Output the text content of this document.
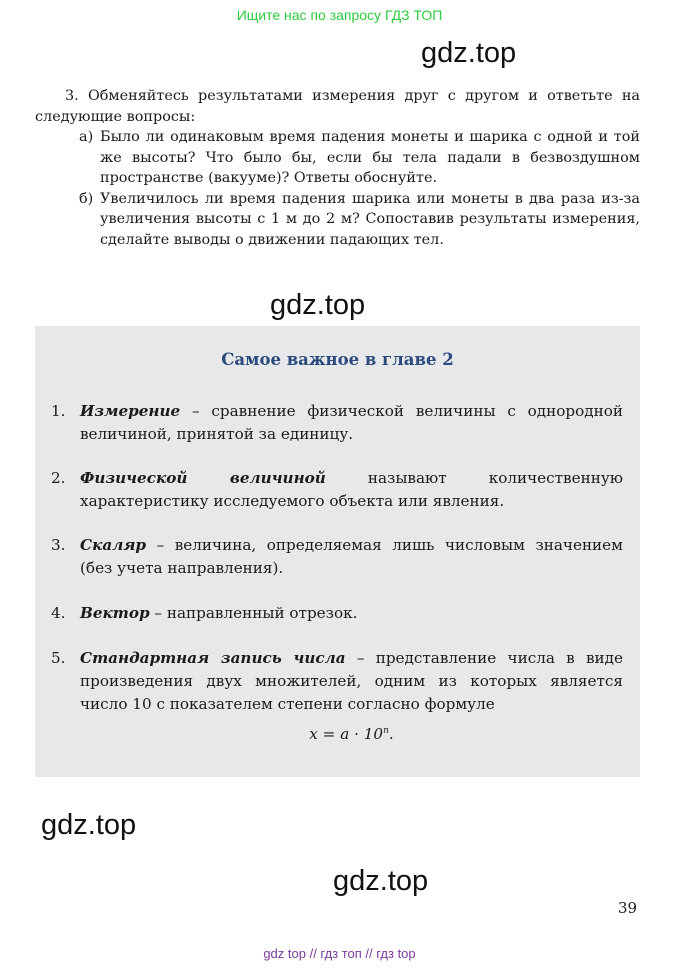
Ищите нас по запросу ГДЗ ТОП
gdz.top
3. Обменяйтесь результатами измерения друг с другом и ответьте на следующие вопросы:
а) Было ли одинаковым время падения монеты и шарика с одной и той же высоты? Что было бы, если бы тела падали в безвоздушном пространстве (вакууме)? Ответы обоснуйте.
б) Увеличилось ли время падения шарика или монеты в два раза из-за увеличения высоты с 1 м до 2 м? Сопоставив результаты измерения, сделайте выводы о движении падающих тел.
gdz.top
Самое важное в главе 2
1. Измерение – сравнение физической величины с однородной величиной, принятой за единицу.
2. Физической величиной называют количественную характеристику исследуемого объекта или явления.
3. Скаляр – величина, определяемая лишь числовым значением (без учета направления).
4. Вектор – направленный отрезок.
5. Стандартная запись числа – представление числа в виде произведения двух множителей, одним из которых является число 10 с показателем степени согласно формуле
$x = a \cdot 10^n$.
gdz.top
gdz.top
39
gdz top // гдз топ // гдз top
